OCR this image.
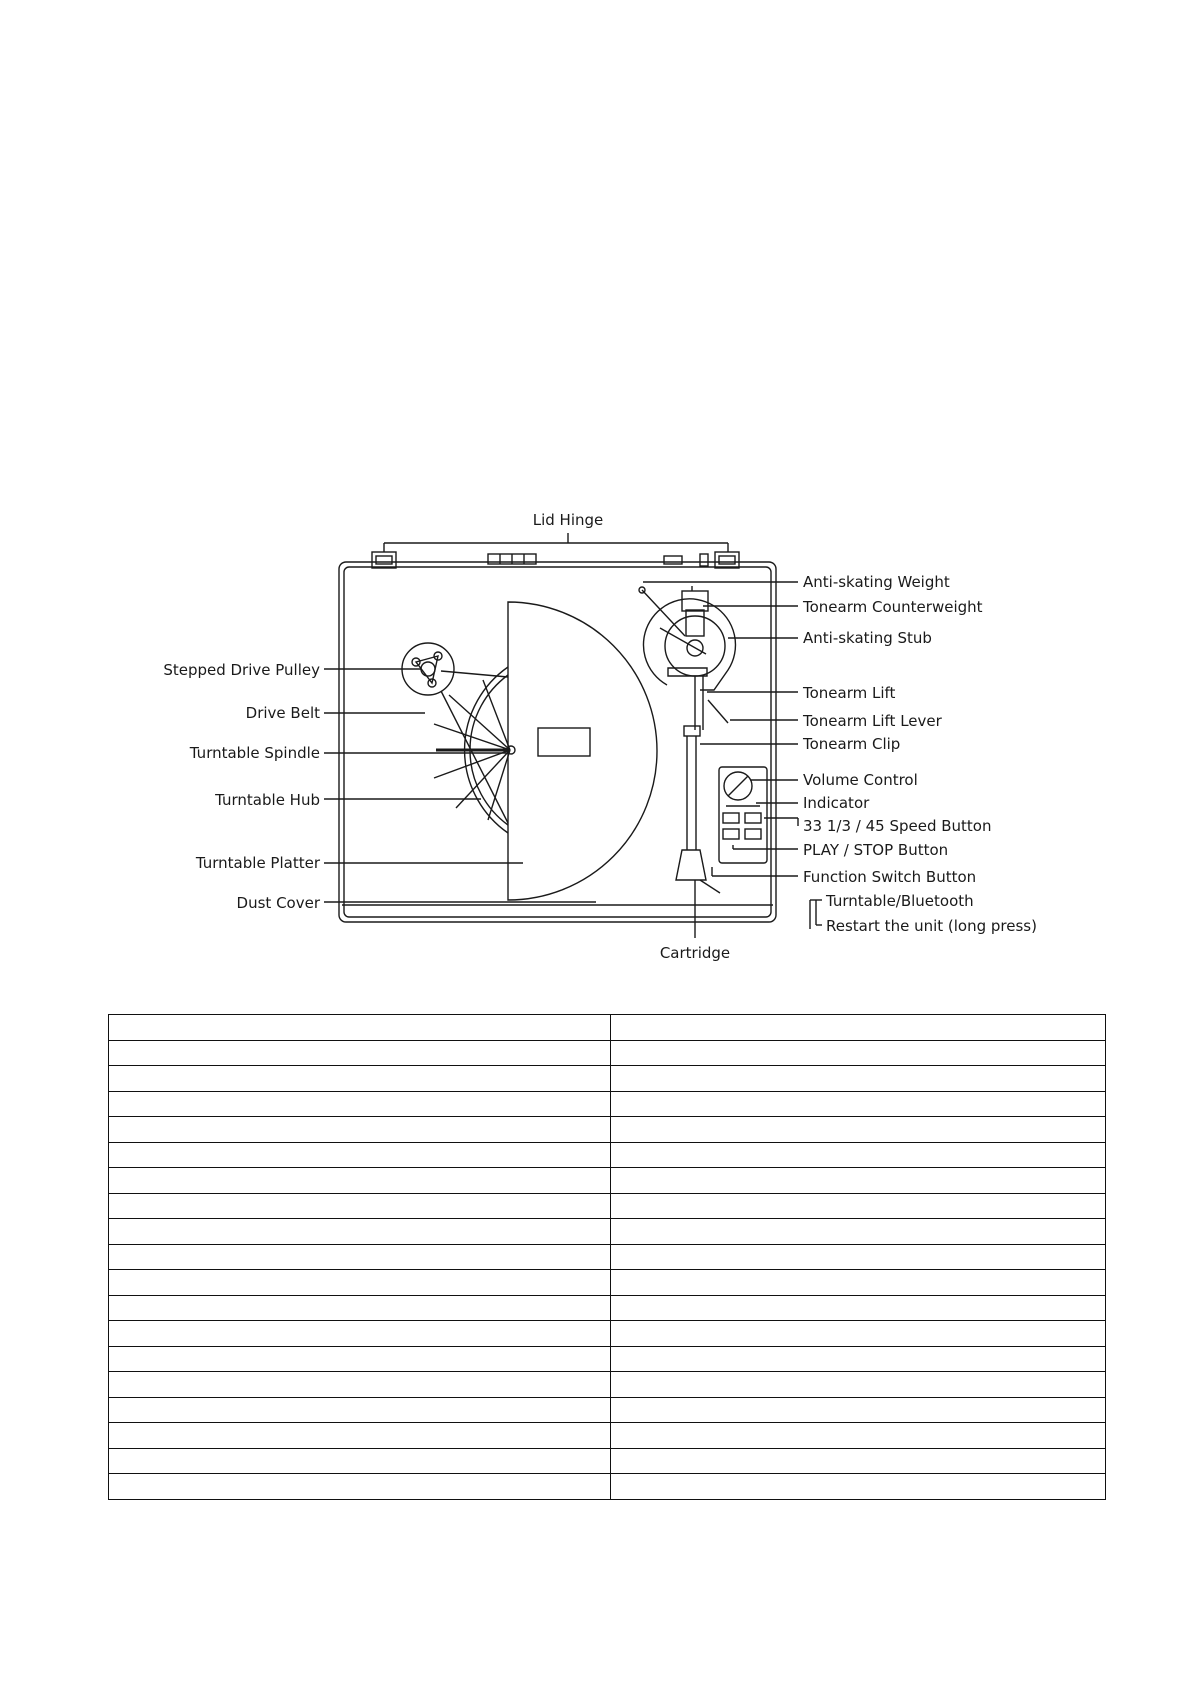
Lid Hinge
Anti-skating Weight
Tonearm Counterweight
Anti-skating Stub
Tonearm Lift
Tonearm Lift Lever
Tonearm Clip
Volume Control
Indicator
33 1/3 / 45 Speed Button
PLAY / STOP Button
Function Switch Button
Turntable/Bluetooth
Restart the unit (long press)
Stepped Drive Pulley
Drive Belt
Turntable Spindle
Turntable Hub
Turntable Platter
Dust Cover
Cartridge
